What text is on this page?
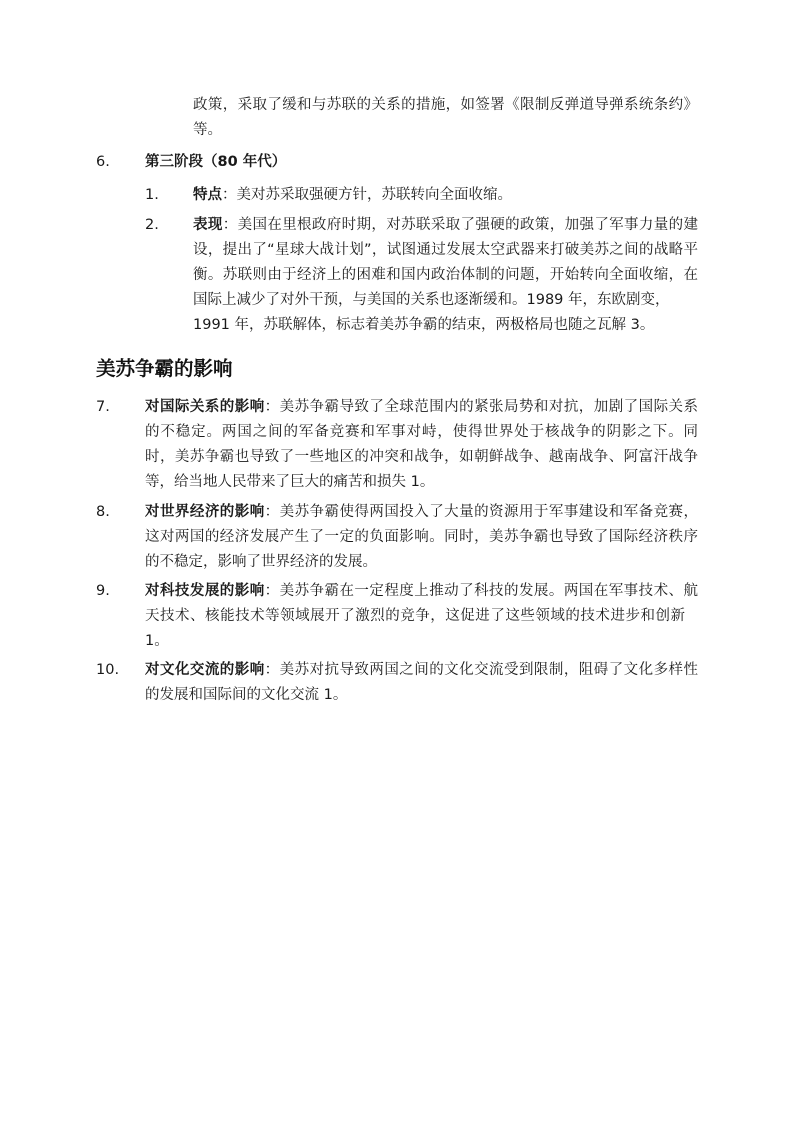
政策，采取了缓和与苏联的关系的措施，如签署《限制反弹道导弹系统条约》
等。
6. 第三阶段（80 年代）
1. 特点：美对苏采取强硬方针，苏联转向全面收缩。
2. 表现：美国在里根政府时期，对苏联采取了强硬的政策，加强了军事力量的建
设，提出了“星球大战计划”，试图通过发展太空武器来打破美苏之间的战略平
衡。苏联则由于经济上的困难和国内政治体制的问题，开始转向全面收缩，在
国际上减少了对外干预，与美国的关系也逐渐缓和。1989 年，东欧剧变，
1991 年，苏联解体，标志着美苏争霸的结束，两极格局也随之瓦解 3。
美苏争霸的影响
7. 对国际关系的影响：美苏争霸导致了全球范围内的紧张局势和对抗，加剧了国际关系
的不稳定。两国之间的军备竞赛和军事对峙，使得世界处于核战争的阴影之下。同
时，美苏争霸也导致了一些地区的冲突和战争，如朝鲜战争、越南战争、阿富汗战争
等，给当地人民带来了巨大的痛苦和损失 1。
8. 对世界经济的影响：美苏争霸使得两国投入了大量的资源用于军事建设和军备竞赛，
这对两国的经济发展产生了一定的负面影响。同时，美苏争霸也导致了国际经济秩序
的不稳定，影响了世界经济的发展。
9. 对科技发展的影响：美苏争霸在一定程度上推动了科技的发展。两国在军事技术、航
天技术、核能技术等领域展开了激烈的竞争，这促进了这些领域的技术进步和创新
1。
10. 对文化交流的影响：美苏对抗导致两国之间的文化交流受到限制，阻碍了文化多样性
的发展和国际间的文化交流 1。
